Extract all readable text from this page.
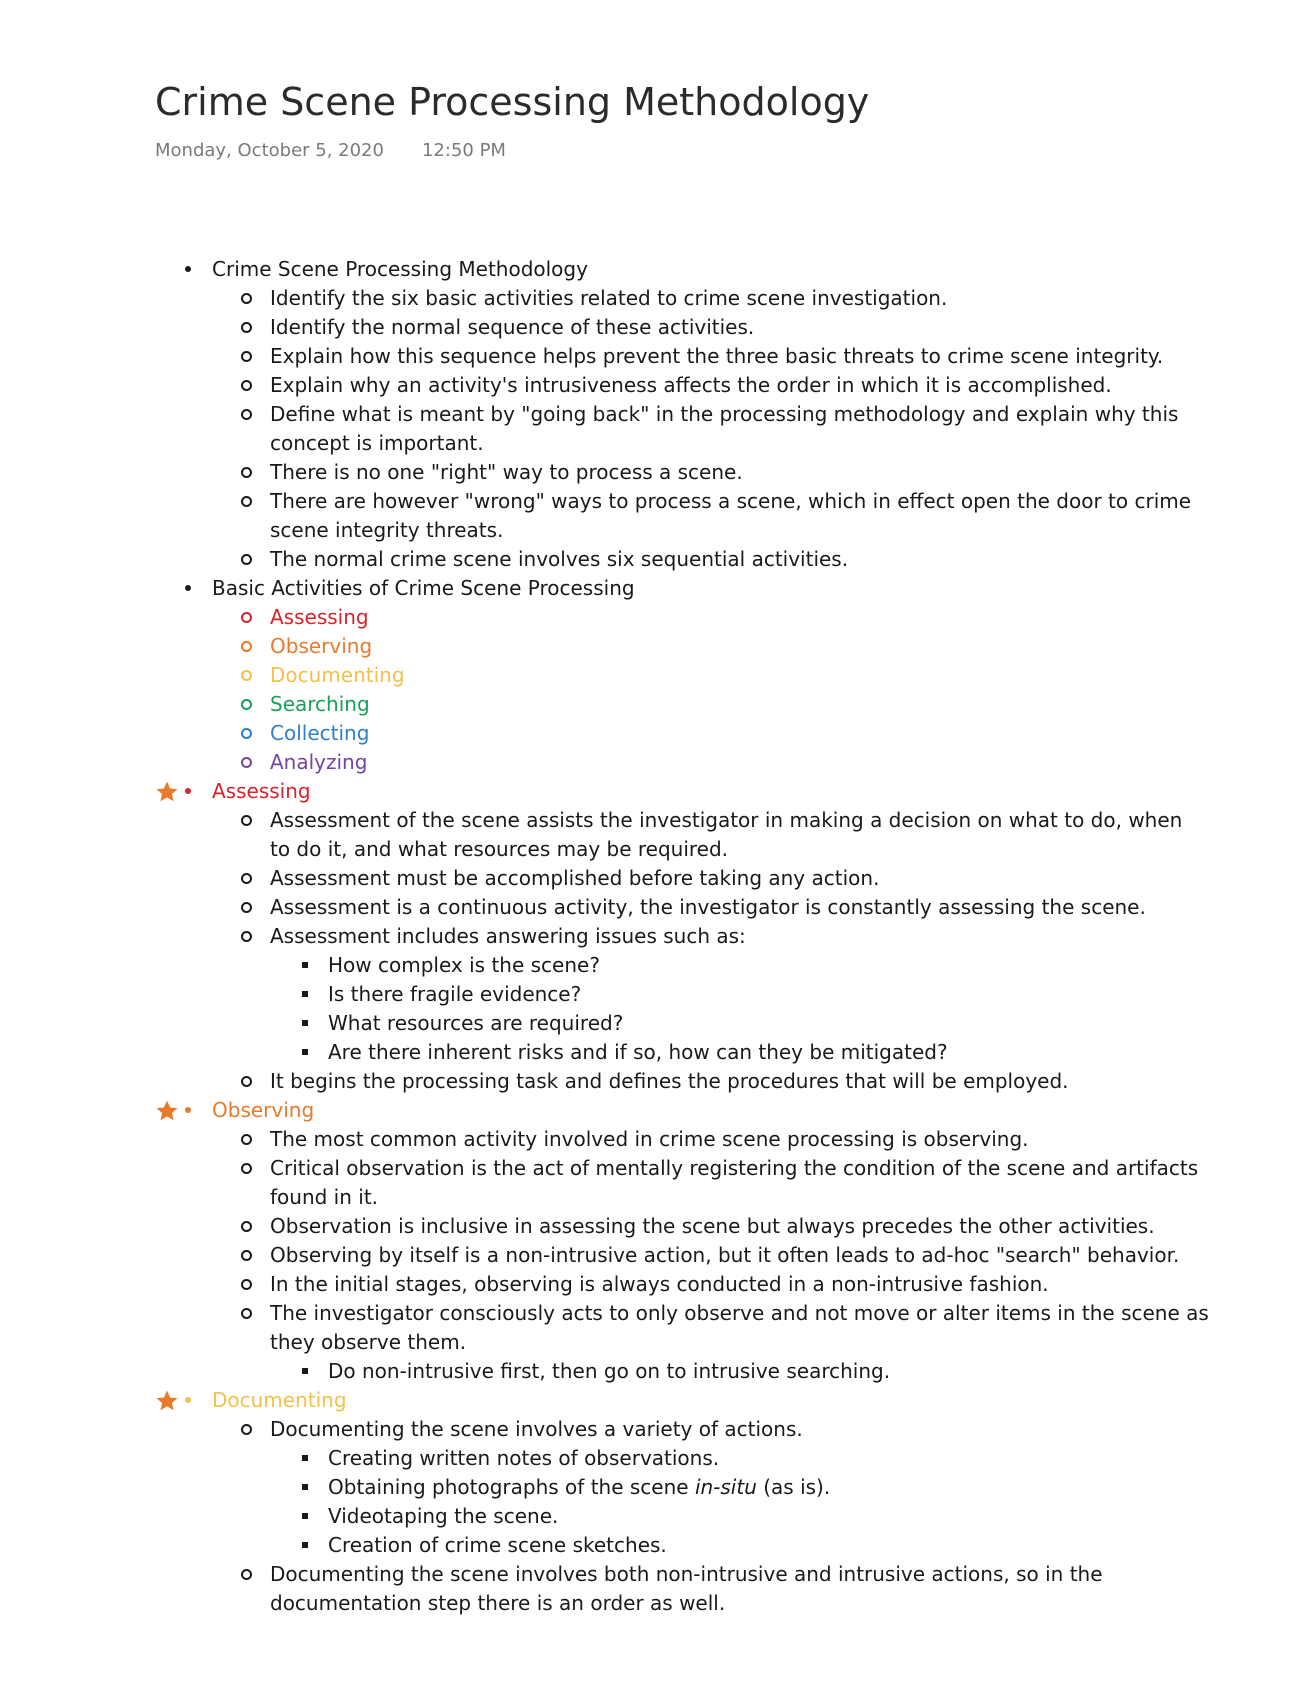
Crime Scene Processing Methodology
Monday, October 5, 2020 12:50 PM
Crime Scene Processing Methodology
Identify the six basic activities related to crime scene investigation.
Identify the normal sequence of these activities.
Explain how this sequence helps prevent the three basic threats to crime scene integrity.
Explain why an activity's intrusiveness affects the order in which it is accomplished.
Define what is meant by "going back" in the processing methodology and explain why this
concept is important.
There is no one "right" way to process a scene.
There are however "wrong" ways to process a scene, which in effect open the door to crime
scene integrity threats.
The normal crime scene involves six sequential activities.
Basic Activities of Crime Scene Processing
Assessing
Observing
Documenting
Searching
Collecting
Analyzing
Assessing
Assessment of the scene assists the investigator in making a decision on what to do, when
to do it, and what resources may be required.
Assessment must be accomplished before taking any action.
Assessment is a continuous activity, the investigator is constantly assessing the scene.
Assessment includes answering issues such as:
How complex is the scene?
Is there fragile evidence?
What resources are required?
Are there inherent risks and if so, how can they be mitigated?
It begins the processing task and defines the procedures that will be employed.
Observing
The most common activity involved in crime scene processing is observing.
Critical observation is the act of mentally registering the condition of the scene and artifacts
found in it.
Observation is inclusive in assessing the scene but always precedes the other activities.
Observing by itself is a non-intrusive action, but it often leads to ad-hoc "search" behavior.
In the initial stages, observing is always conducted in a non-intrusive fashion.
The investigator consciously acts to only observe and not move or alter items in the scene as
they observe them.
Do non-intrusive first, then go on to intrusive searching.
Documenting
Documenting the scene involves a variety of actions.
Creating written notes of observations.
Obtaining photographs of the scene in-situ (as is).
Videotaping the scene.
Creation of crime scene sketches.
Documenting the scene involves both non-intrusive and intrusive actions, so in the
documentation step there is an order as well.
